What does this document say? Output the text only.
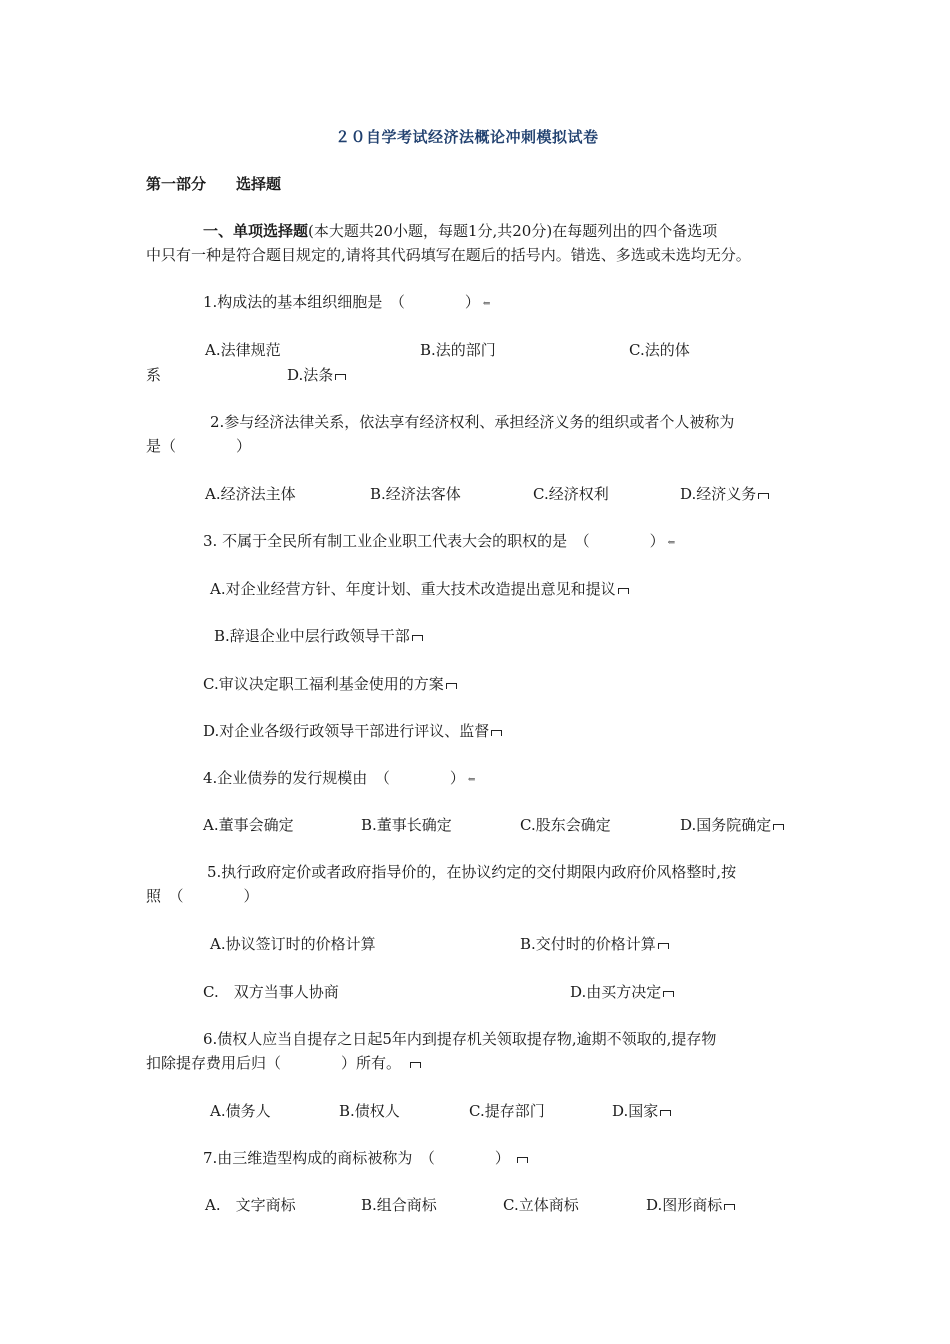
２０自学考试经济法概论冲刺模拟试卷
第一部分 选择题
一、单项选择题(本大题共20小题，每题1分,共20分)在每题列出的四个备选项
中只有一种是符合题目规定的,请将其代码填写在题后的括号内。错选、多选或未选均无分。
1.构成法的基本组织细胞是　（　　　　） ⇐
A.法律规范	B.法的部门	C.法的体
系	D.法条
2.参与经济法律关系，依法享有经济权利、承担经济义务的组织或者个人被称为
是（　　　　）
A.经济法主体	B.经济法客体	C.经济权利	D.经济义务
3. 不属于全民所有制工业企业职工代表大会的职权的是　（　　　　） ⇐
A.对企业经营方针、年度计划、重大技术改造提出意见和提议
B.辞退企业中层行政领导干部
C.审议决定职工福利基金使用的方案
D.对企业各级行政领导干部进行评议、监督
4.企业债券的发行规模由　（　　　　） ⇐
A.董事会确定	B.董事长确定	C.股东会确定	D.国务院确定
5.执行政府定价或者政府指导价的，在协议约定的交付期限内政府价风格整时,按
照　（　　　　）
A.协议签订时的价格计算	B.交付时的价格计算
C.　双方当事人协商	D.由买方决定
6.债权人应当自提存之日起5年内到提存机关领取提存物,逾期不领取的,提存物
扣除提存费用后归（　　　　）所有。
A.债务人	B.债权人	C.提存部门	D.国家
7.由三维造型构成的商标被称为　（　　　　）
A.　文字商标	B.组合商标	C.立体商标	D.图形商标
